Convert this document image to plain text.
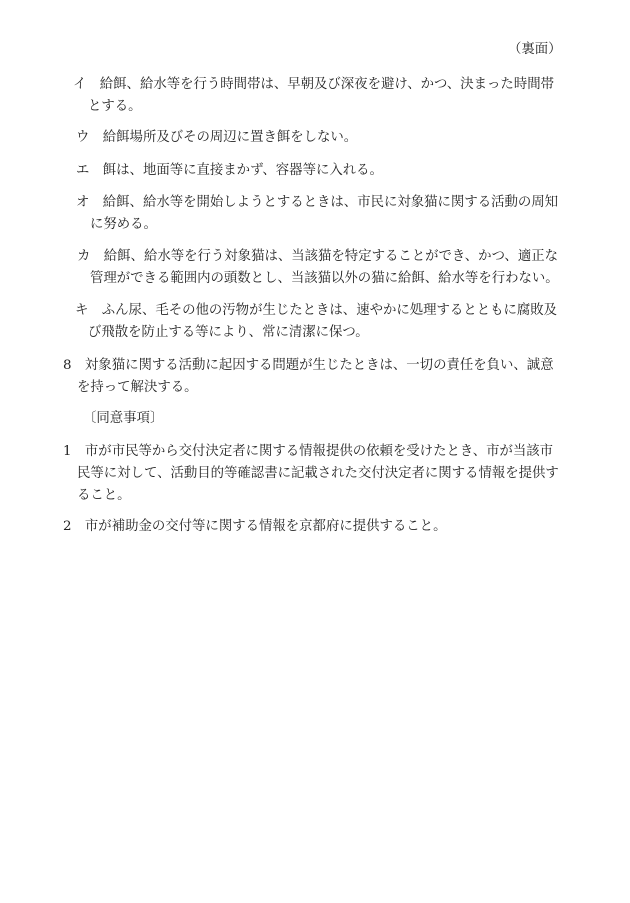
（裏面）
イ　給餌、給水等を行う時間帯は、早朝及び深夜を避け、かつ、決まった時間帯
とする。
ウ　給餌場所及びその周辺に置き餌をしない。
エ　餌は、地面等に直接まかず、容器等に入れる。
オ　給餌、給水等を開始しようとするときは、市民に対象猫に関する活動の周知
に努める。
カ　給餌、給水等を行う対象猫は、当該猫を特定することができ、かつ、適正な
管理ができる範囲内の頭数とし、当該猫以外の猫に給餌、給水等を行わない。
キ　ふん尿、毛その他の汚物が生じたときは、速やかに処理するとともに腐敗及
び飛散を防止する等により、常に清潔に保つ。
8　対象猫に関する活動に起因する問題が生じたときは、一切の責任を負い、誠意
を持って解決する。
〔同意事項〕
1　市が市民等から交付決定者に関する情報提供の依頼を受けたとき、市が当該市
民等に対して、活動目的等確認書に記載された交付決定者に関する情報を提供す
ること。
2　市が補助金の交付等に関する情報を京都府に提供すること。
